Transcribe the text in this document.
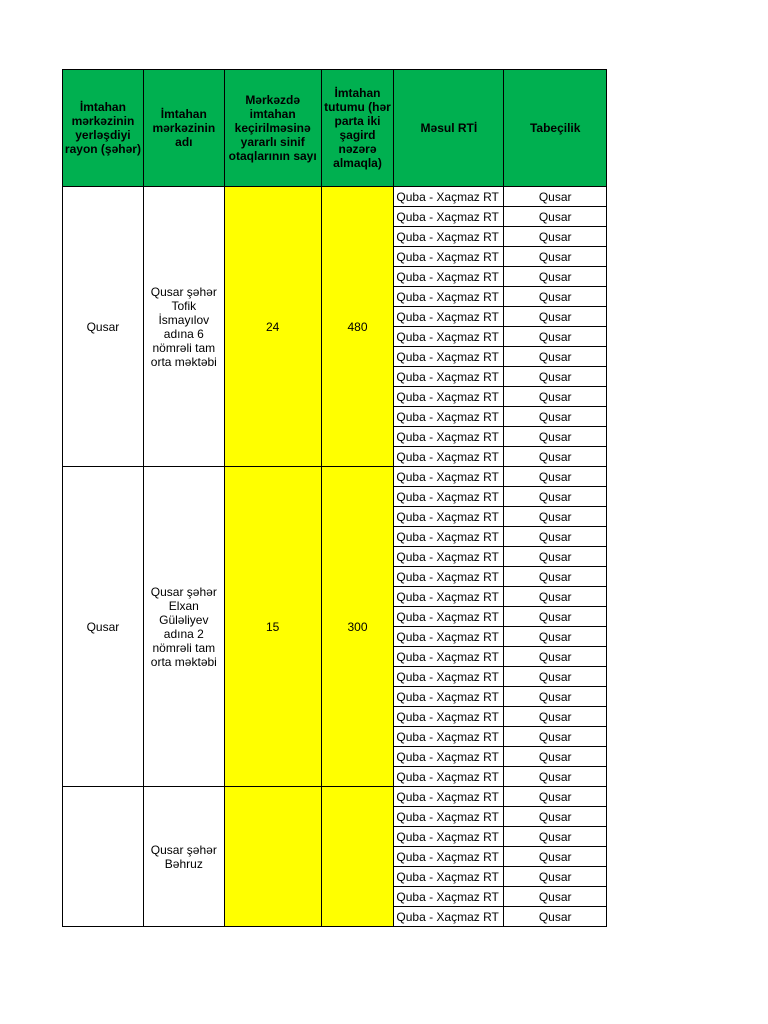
İmtahan mərkəzinin yerləşdiyi rayon (şəhər)	İmtahan mərkəzinin adı	Mərkəzdə imtahan keçirilməsinə yararlı sinif otaqlarının sayı	İmtahan tutumu (hər parta iki şagird nəzərə almaqla)	Məsul RTİ	Tabeçilik
Qusar	Qusar şəhər Tofik İsmayılov adına 6 nömrəli tam orta məktəbi	24	480	Quba - Xaçmaz RT	Qusar
				Quba - Xaçmaz RT	Qusar
				Quba - Xaçmaz RT	Qusar
				Quba - Xaçmaz RT	Qusar
				Quba - Xaçmaz RT	Qusar
				Quba - Xaçmaz RT	Qusar
				Quba - Xaçmaz RT	Qusar
				Quba - Xaçmaz RT	Qusar
				Quba - Xaçmaz RT	Qusar
				Quba - Xaçmaz RT	Qusar
				Quba - Xaçmaz RT	Qusar
				Quba - Xaçmaz RT	Qusar
				Quba - Xaçmaz RT	Qusar
				Quba - Xaçmaz RT	Qusar
Qusar	Qusar şəhər Elxan Güləliyev adına 2 nömrəli tam orta məktəbi	15	300	Quba - Xaçmaz RT	Qusar
				Quba - Xaçmaz RT	Qusar
				Quba - Xaçmaz RT	Qusar
				Quba - Xaçmaz RT	Qusar
				Quba - Xaçmaz RT	Qusar
				Quba - Xaçmaz RT	Qusar
				Quba - Xaçmaz RT	Qusar
				Quba - Xaçmaz RT	Qusar
				Quba - Xaçmaz RT	Qusar
				Quba - Xaçmaz RT	Qusar
				Quba - Xaçmaz RT	Qusar
				Quba - Xaçmaz RT	Qusar
				Quba - Xaçmaz RT	Qusar
				Quba - Xaçmaz RT	Qusar
				Quba - Xaçmaz RT	Qusar
				Quba - Xaçmaz RT	Qusar
	Qusar şəhər Bəhruz			Quba - Xaçmaz RT	Qusar
				Quba - Xaçmaz RT	Qusar
				Quba - Xaçmaz RT	Qusar
				Quba - Xaçmaz RT	Qusar
				Quba - Xaçmaz RT	Qusar
				Quba - Xaçmaz RT	Qusar
				Quba - Xaçmaz RT	Qusar
